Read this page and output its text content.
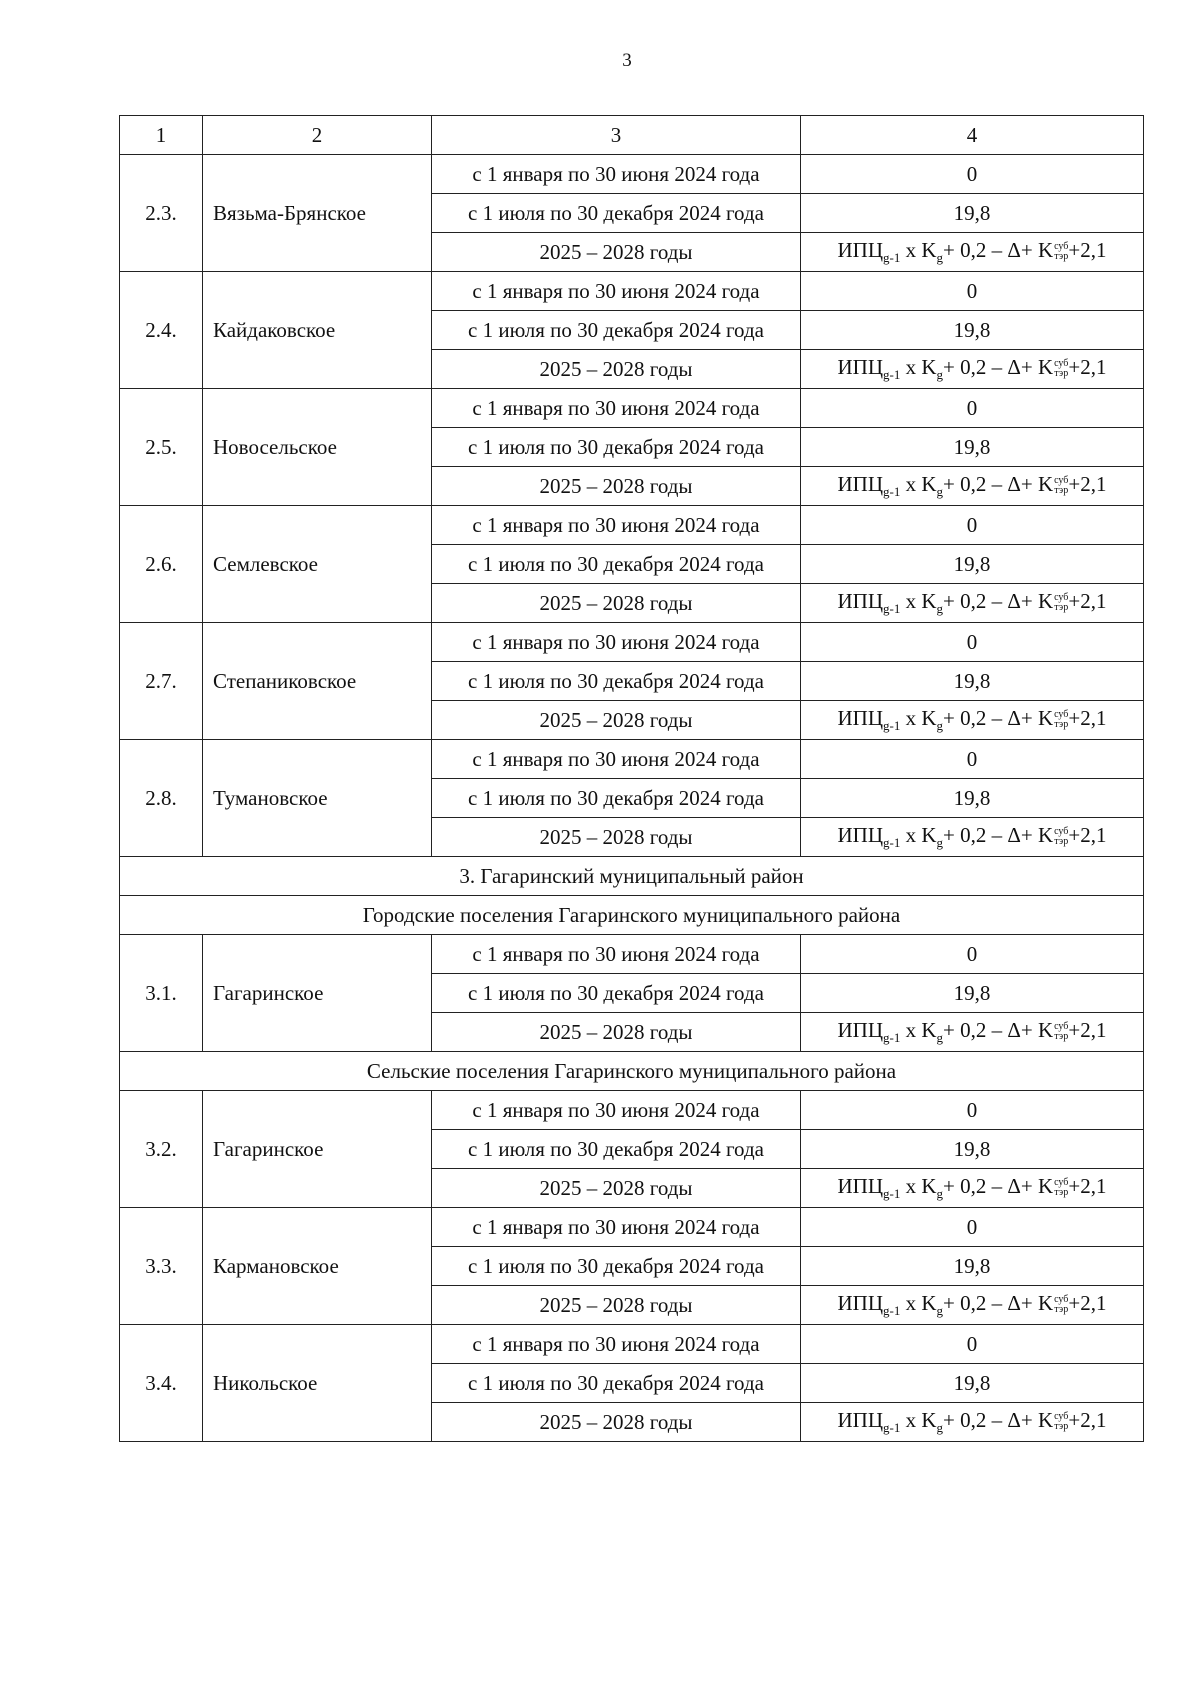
3
1	2	3	4
2.3.	Вязьма-Брянское	с 1 января по 30 июня 2024 года	0
		с 1 июля по 30 декабря 2024 года	19,8
		2025 – 2028 годы	$ИПЦ_{g-1}$ x $K_g+ 0,2 - \Delta+ K$ суб
тэр +2,1
2.4.	Кайдаковское	с 1 января по 30 июня 2024 года	0
		с 1 июля по 30 декабря 2024 года	19,8
		2025 – 2028 годы	$ИПЦ_{g-1}$ x $K_g+ 0,2 - \Delta+ K$ суб
тэр +2,1
2.5.	Новосельское	с 1 января по 30 июня 2024 года	0
		с 1 июля по 30 декабря 2024 года	19,8
		2025 – 2028 годы	$ИПЦ_{g-1}$ x $K_g+ 0,2 - \Delta+ K$ суб
тэр +2,1
2.6.	Семлевское	с 1 января по 30 июня 2024 года	0
		с 1 июля по 30 декабря 2024 года	19,8
		2025 – 2028 годы	$ИПЦ_{g-1}$ x $K_g+ 0,2 - \Delta+ K$ суб
тэр +2,1
2.7.	Степаниковское	с 1 января по 30 июня 2024 года	0
		с 1 июля по 30 декабря 2024 года	19,8
		2025 – 2028 годы	$ИПЦ_{g-1}$ x $K_g+ 0,2 - \Delta+ K$ суб
тэр +2,1
2.8.	Тумановское	с 1 января по 30 июня 2024 года	0
		с 1 июля по 30 декабря 2024 года	19,8
		2025 – 2028 годы	$ИПЦ_{g-1}$ x $K_g+ 0,2 - \Delta+ K$ суб
тэр +2,1
3. Гагаринский муниципальный район			
Городские поселения Гагаринского муниципального района			
3.1.	Гагаринское	с 1 января по 30 июня 2024 года	0
		с 1 июля по 30 декабря 2024 года	19,8
		2025 – 2028 годы	$ИПЦ_{g-1}$ x $K_g+ 0,2 - \Delta+ K$ суб
тэр +2,1
Сельские поселения Гагаринского муниципального района			
3.2.	Гагаринское	с 1 января по 30 июня 2024 года	0
		с 1 июля по 30 декабря 2024 года	19,8
		2025 – 2028 годы	$ИПЦ_{g-1}$ x $K_g+ 0,2 - \Delta+ K$ суб
тэр +2,1
3.3.	Кармановское	с 1 января по 30 июня 2024 года	0
		с 1 июля по 30 декабря 2024 года	19,8
		2025 – 2028 годы	$ИПЦ_{g-1}$ x $K_g+ 0,2 - \Delta+ K$ суб
тэр +2,1
3.4.	Никольское	с 1 января по 30 июня 2024 года	0
		с 1 июля по 30 декабря 2024 года	19,8
		2025 – 2028 годы	$ИПЦ_{g-1}$ x $K_g+ 0,2 - \Delta+ K$ суб
тэр +2,1
